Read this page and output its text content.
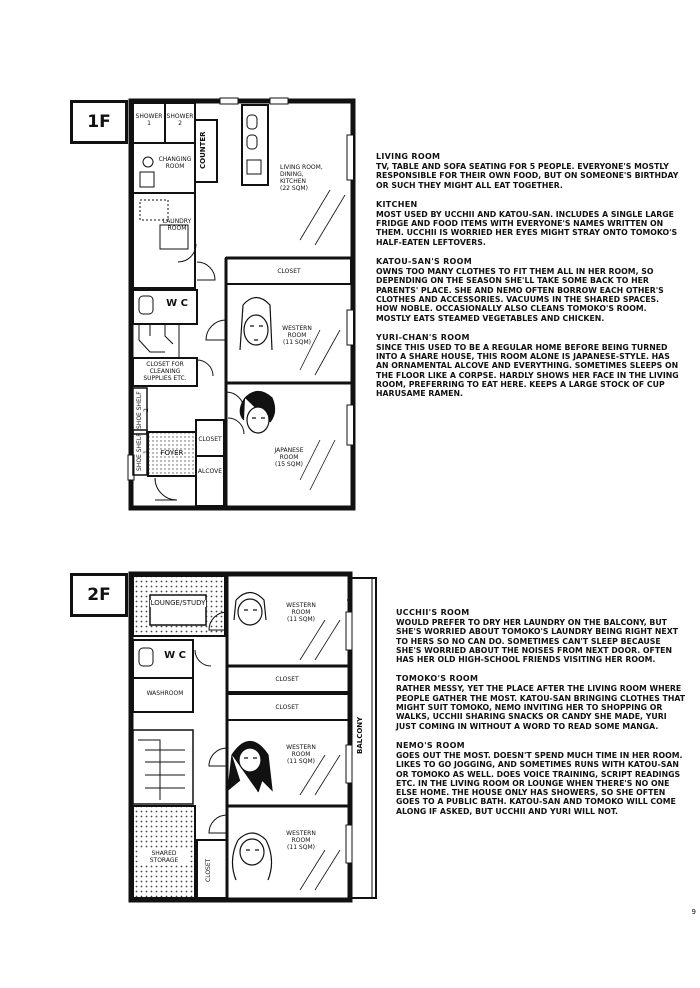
1F	SHOWER
1
SHOWER
2
CHANGING
ROOM	COUNTER	LIVING ROOM,
DINING,
KITCHEN
(22 SQM)
LAUNDRY
ROOM
W C
CLOSET
WESTERN
ROOM
(11 SQM)
CLOSET FOR
CLEANING
SUPPLIES ETC.
SHOE SHELF 1
SHOE SHELF 2
FOYER
CLOSET
ALCOVE
JAPANESE
ROOM
(15 SQM)
LIVING ROOM

TV, TABLE AND SOFA SEATING FOR 5 PEOPLE. EVERYONE'S MOSTLY RESPONSIBLE FOR THEIR OWN FOOD, BUT ON SOMEONE'S BIRTHDAY OR SUCH THEY MIGHT ALL EAT TOGETHER.

KITCHEN

MOST USED BY UCCHII AND KATOU-SAN. INCLUDES A SINGLE LARGE FRIDGE AND FOOD ITEMS WITH EVERYONE'S NAMES WRITTEN ON THEM. UCCHII IS WORRIED HER EYES MIGHT STRAY ONTO TOMOKO'S HALF-EATEN LEFTOVERS.

KATOU-SAN'S ROOM

OWNS TOO MANY CLOTHES TO FIT THEM ALL IN HER ROOM, SO DEPENDING ON THE SEASON SHE'LL TAKE SOME BACK TO HER PARENTS' PLACE. SHE AND NEMO OFTEN BORROW EACH OTHER'S CLOTHES AND ACCESSORIES. VACUUMS IN THE SHARED SPACES. HOW NOBLE. OCCASIONALLY ALSO CLEANS TOMOKO'S ROOM. MOSTLY EATS STEAMED VEGETABLES AND CHICKEN.

YURI-CHAN'S ROOM

SINCE THIS USED TO BE A REGULAR HOME BEFORE BEING TURNED INTO A SHARE HOUSE, THIS ROOM ALONE IS JAPANESE-STYLE. HAS AN ORNAMENTAL ALCOVE AND EVERYTHING. SOMETIMES SLEEPS ON THE FLOOR LIKE A CORPSE. HARDLY SHOWS HER FACE IN THE LIVING ROOM, PREFERRING TO EAT HERE. KEEPS A LARGE STOCK OF CUP HARUSAME RAMEN.

2F	LOUNGE/STUDY	WESTERN
ROOM
(11 SQM)
W C
WASHROOM
CLOSET
CLOSET
WESTERN
ROOM
(11 SQM)
SHARED
STORAGE	CLOSET
WESTERN
ROOM
(11 SQM)
BALCONY
UCCHII'S ROOM

WOULD PREFER TO DRY HER LAUNDRY ON THE BALCONY, BUT SHE'S WORRIED ABOUT TOMOKO'S LAUNDRY BEING RIGHT NEXT TO HERS SO NO CAN DO. SOMETIMES CAN'T SLEEP BECAUSE SHE'S WORRIED ABOUT THE NOISES FROM NEXT DOOR. OFTEN HAS HER OLD HIGH-SCHOOL FRIENDS VISITING HER ROOM.

TOMOKO'S ROOM

RATHER MESSY, YET THE PLACE AFTER THE LIVING ROOM WHERE PEOPLE GATHER THE MOST. KATOU-SAN BRINGING CLOTHES THAT MIGHT SUIT TOMOKO, NEMO INVITING HER TO SHOPPING OR WALKS, UCCHII SHARING SNACKS OR CANDY SHE MADE, YURI JUST COMING IN WITHOUT A WORD TO READ SOME MANGA.

NEMO'S ROOM

GOES OUT THE MOST. DOESN'T SPEND MUCH TIME IN HER ROOM. LIKES TO GO JOGGING, AND SOMETIMES RUNS WITH KATOU-SAN OR TOMOKO AS WELL. DOES VOICE TRAINING, SCRIPT READINGS ETC. IN THE LIVING ROOM OR LOUNGE WHEN THERE'S NO ONE ELSE HOME. THE HOUSE ONLY HAS SHOWERS, SO SHE OFTEN GOES TO A PUBLIC BATH. KATOU-SAN AND TOMOKO WILL COME ALONG IF ASKED, BUT UCCHII AND YURI WILL NOT.

9
